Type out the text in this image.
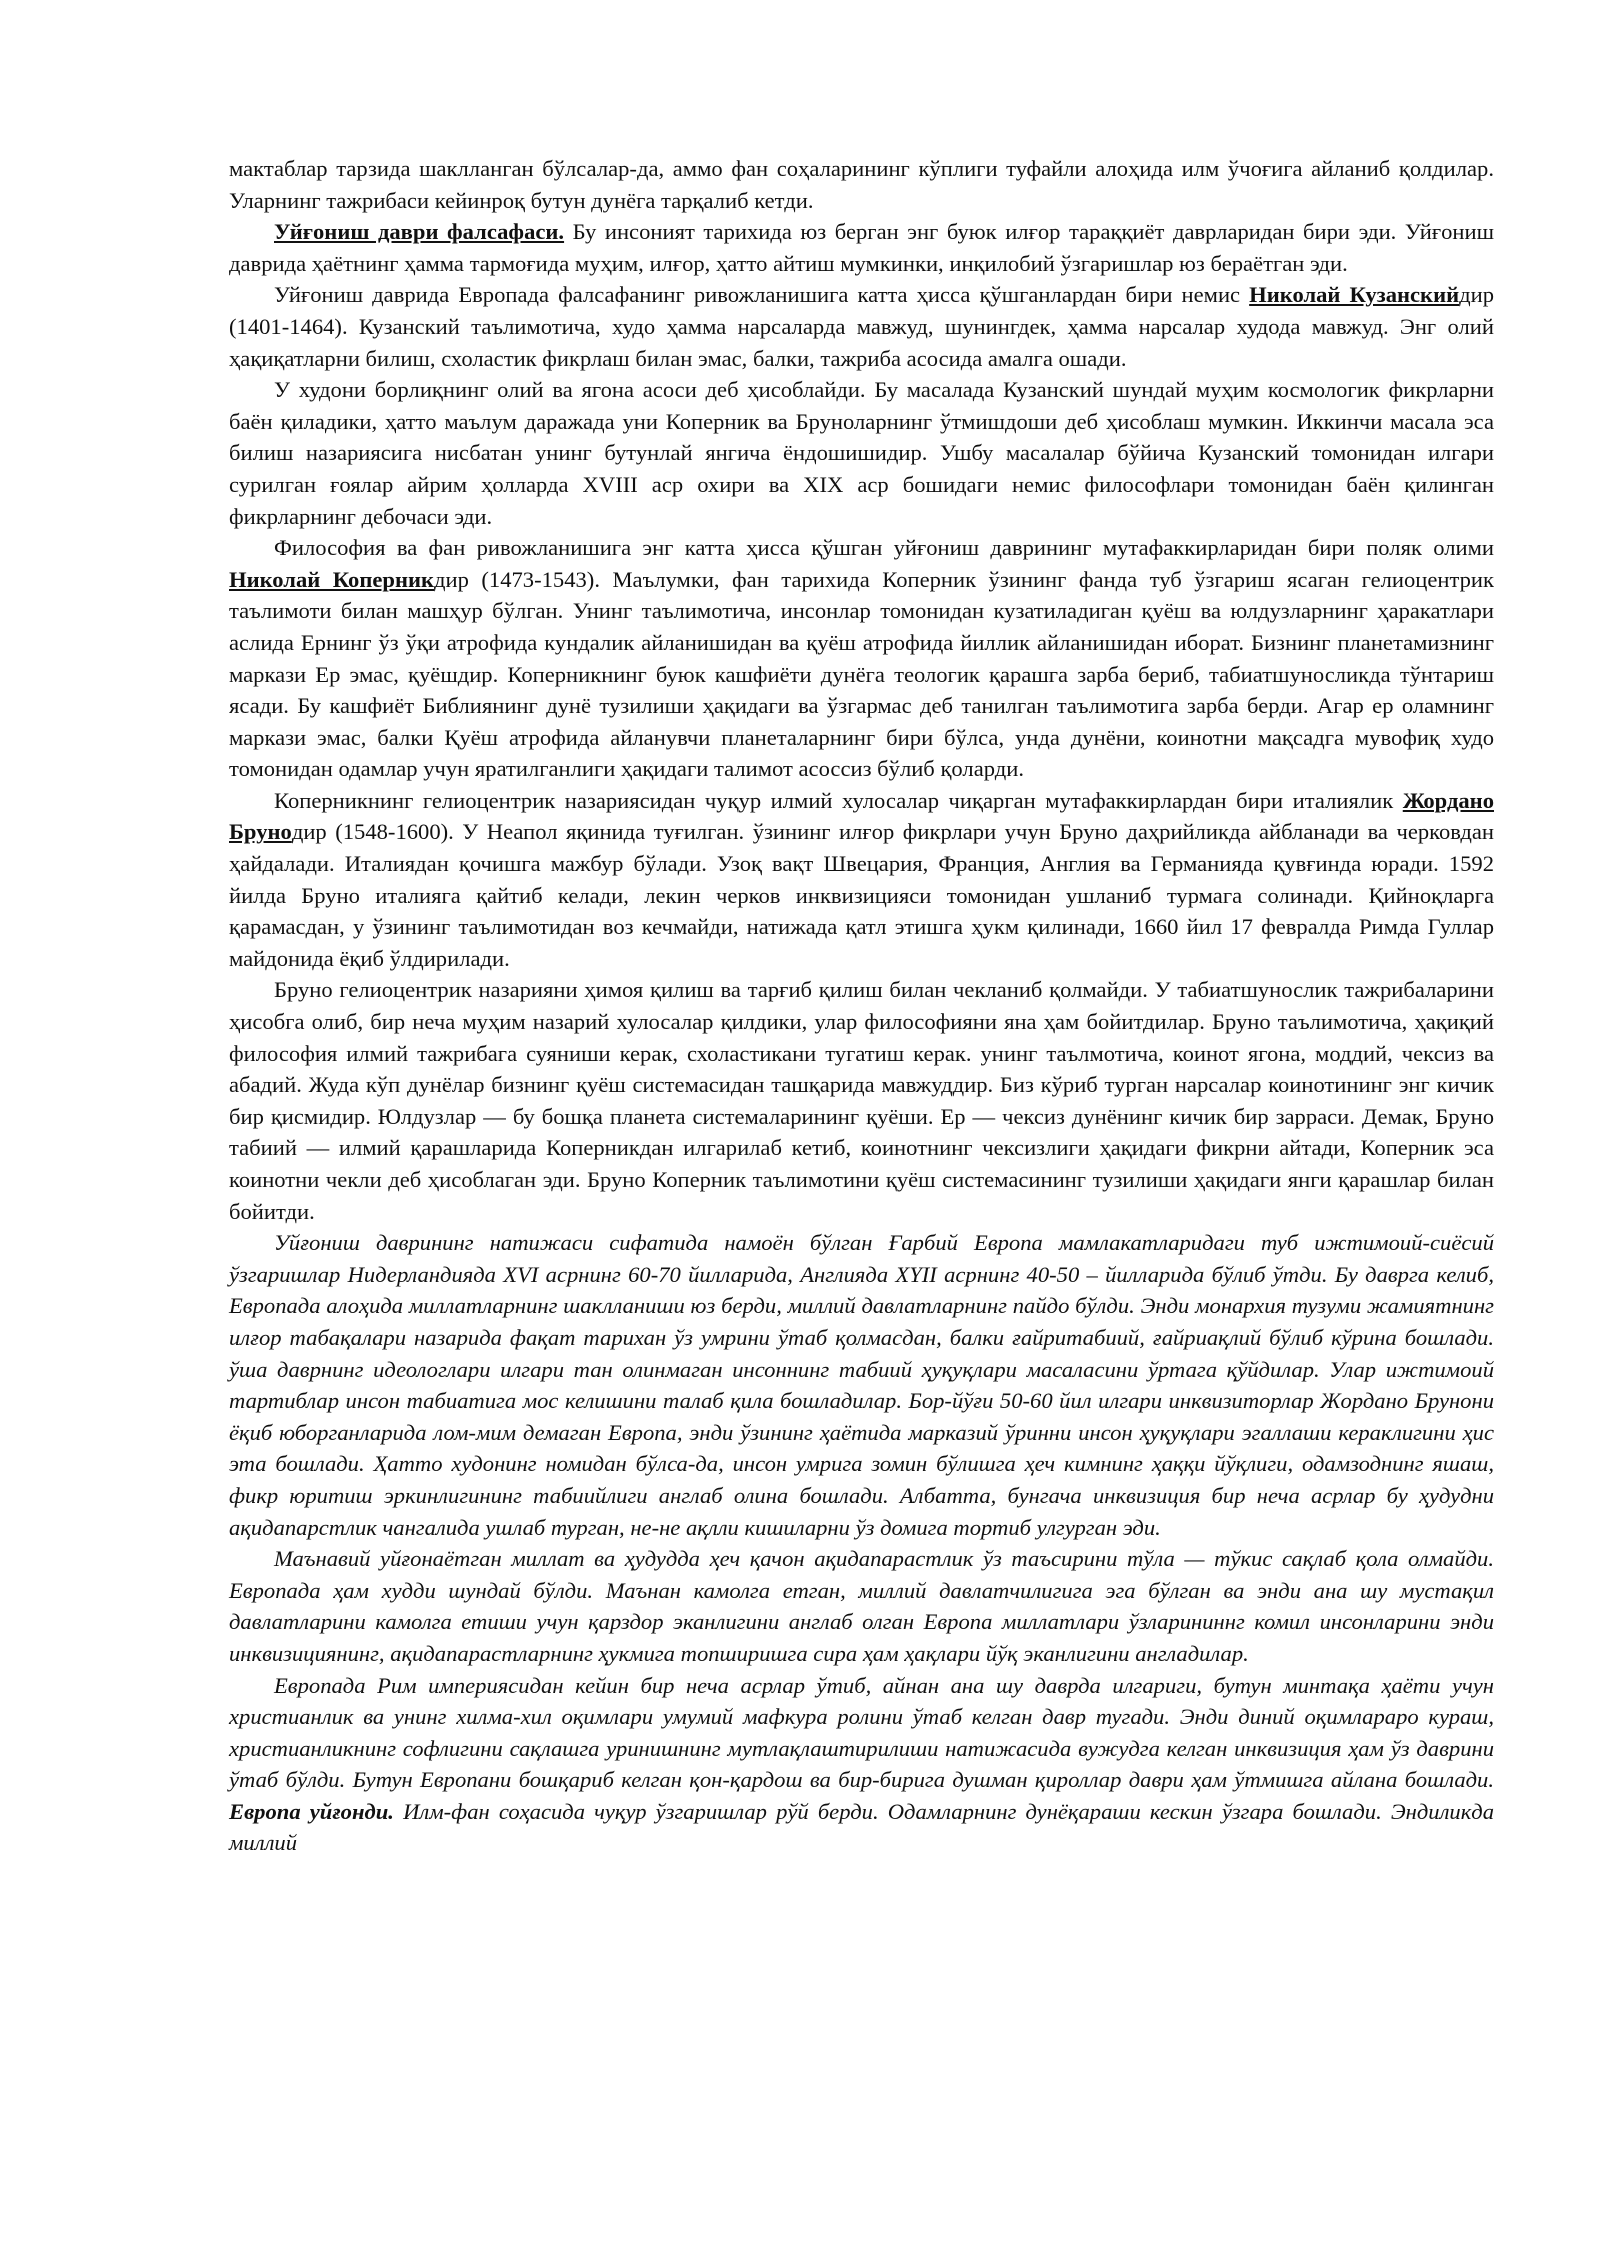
мактаблар тарзида шаклланган бўлсалар-да, аммо фан соҳаларининг кўплиги туфайли алоҳида илм ўчоғига айланиб қолдилар. Уларнинг тажрибаси кейинроқ бутун дунёга тарқалиб кетди.

Уйғониш даври фалсафаси. Бу инсоният тарихида юз берган энг буюк илғор тараққиёт даврларидан бири эди. Уйғониш даврида ҳаётнинг ҳамма тармоғида муҳим, илғор, ҳатто айтиш мумкинки, инқилобий ўзгаришлар юз бераётган эди.

Уйғониш даврида Европада фалсафанинг ривожланишига катта ҳисса қўшганлардан бири немис Николай Кузанскийдир (1401-1464). Кузанский таълимотича, худо ҳамма нарсаларда мавжуд, шунингдек, ҳамма нарсалар худода мавжуд. Энг олий ҳақиқатларни билиш, схоластик фикрлаш билан эмас, балки, тажриба асосида амалга ошади.

У худони борлиқнинг олий ва ягона асоси деб ҳисоблайди. Бу масалада Кузанский шундай муҳим космологик фикрларни баён қиладики, ҳатто маълум даражада уни Коперник ва Бруноларнинг ўтмишдоши деб ҳисоблаш мумкин. Иккинчи масала эса билиш назариясига нисбатан унинг бутунлай янгича ёндошишидир. Ушбу масалалар бўйича Кузанский томонидан илгари сурилган ғоялар айрим ҳолларда XVIII аср охири ва XIX аср бошидаги немис философлари томонидан баён қилинган фикрларнинг дебочаси эди.

Философия ва фан ривожланишига энг катта ҳисса қўшган уйғониш даврининг мутафаккирларидан бири поляк олими Николай Коперникдир (1473-1543). Маълумки, фан тарихида Коперник ўзининг фанда туб ўзгариш ясаган гелиоцентрик таълимоти билан машҳур бўлган. Унинг таълимотича, инсонлар томонидан кузатиладиган қуёш ва юлдузларнинг ҳаракатлари аслида Ернинг ўз ўқи атрофида кундалик айланишидан ва қуёш атрофида йиллик айланишидан иборат. Бизнинг планетамизнинг маркази Ер эмас, қуёшдир. Коперникнинг буюк кашфиёти дунёга теологик қарашга зарба бериб, табиатшуносликда тўнтариш ясади. Бу кашфиёт Библиянинг дунё тузилиши ҳақидаги ва ўзгармас деб танилган таълимотига зарба берди. Агар ер оламнинг маркази эмас, балки Қуёш атрофида айланувчи планеталарнинг бири бўлса, унда дунёни, коинотни мақсадга мувофиқ худо томонидан одамлар учун яратилганлиги ҳақидаги талимот асоссиз бўлиб қоларди.

Коперникнинг гелиоцентрик назариясидан чуқур илмий хулосалар чиқарган мутафаккирлардан бири италиялик Жордано Брунодир (1548-1600). У Неапол яқинида туғилган. ўзининг илғор фикрлари учун Бруно даҳрийликда айбланади ва черковдан ҳайдалади. Италиядан қочишга мажбур бўлади. Узоқ вақт Швецария, Франция, Англия ва Германияда қувғинда юради. 1592 йилда Бруно италияга қайтиб келади, лекин черков инквизицияси томонидан ушланиб турмага солинади. Қийноқларга қарамасдан, у ўзининг таълимотидан воз кечмайди, натижада қатл этишга ҳукм қилинади, 1660 йил 17 февралда Римда Гуллар майдонида ёқиб ўлдирилади.

Бруно гелиоцентрик назарияни ҳимоя қилиш ва тарғиб қилиш билан чекланиб қолмайди. У табиатшунослик тажрибаларини ҳисобга олиб, бир неча муҳим назарий хулосалар қилдики, улар философияни яна ҳам бойитдилар. Бруно таълимотича, ҳақиқий философия илмий тажрибага суяниши керак, схоластикани тугатиш керак. унинг таълмотича, коинот ягона, моддий, чексиз ва абадий. Жуда кўп дунёлар бизнинг қуёш системасидан ташқарида мавжуддир. Биз кўриб турган нарсалар коинотининг энг кичик бир қисмидир. Юлдузлар — бу бошқа планета системаларининг қуёши. Ер — чексиз дунёнинг кичик бир зарраси. Демак, Бруно табиий — илмий қарашларида Коперникдан илгарилаб кетиб, коинотнинг чексизлиги ҳақидаги фикрни айтади, Коперник эса коинотни чекли деб ҳисоблаган эди. Бруно Коперник таълимотини қуёш системасининг тузилиши ҳақидаги янги қарашлар билан бойитди.

Уйғониш даврининг натижаси сифатида намоён бўлган Ғарбий Европа мамлакатларидаги туб ижтимоий-сиёсий ўзгаришлар Нидерландияда XVI асрнинг 60-70 йилларида, Англияда XYII асрнинг 40-50 – йилларида бўлиб ўтди. Бу даврга келиб, Европада алоҳида миллатларнинг шаклланиши юз берди, миллий давлатларнинг пайдо бўлди. Энди монархия тузуми жамиятнинг илғор табақалари назарида фақат тарихан ўз умрини ўтаб қолмасдан, балки ғайритабиий, ғайриақлий бўлиб кўрина бошлади. ўша даврнинг идеологлари илгари тан олинмаган инсоннинг табиий ҳуқуқлари масаласини ўртага қўйдилар. Улар ижтимоий тартиблар инсон табиатига мос келишини талаб қила бошладилар. Бор-йўғи 50-60 йил илгари инквизиторлар Жордано Брунони ёқиб юборганларида лом-мим демаган Европа, энди ўзининг ҳаётида марказий ўринни инсон ҳуқуқлари эгаллаши кераклигини ҳис эта бошлади. Ҳатто худонинг номидан бўлса-да, инсон умрига зомин бўлишга ҳеч кимнинг ҳаққи йўқлиги, одамзоднинг яшаш, фикр юритиш эркинлигининг табиийлиги англаб олина бошлади. Албатта, бунгача инквизиция бир неча асрлар бу ҳудудни ақидапарстлик чангалида ушлаб турган, не-не ақлли кишиларни ўз домига тортиб улгурган эди.

Маънавий уйғонаётган миллат ва ҳудудда ҳеч қачон ақидапарастлик ўз таъсирини тўла — тўкис сақлаб қола олмайди. Европада ҳам худди шундай бўлди. Маънан камолга етган, миллий давлатчилигига эга бўлган ва энди ана шу мустақил давлатларини камолга етиши учун қарздор эканлигини англаб олган Европа миллатлари ўзларининнг комил инсонларини энди инквизициянинг, ақидапарастларнинг ҳукмига топширишга сира ҳам ҳақлари йўқ эканлигини англадилар.

Европада Рим империясидан кейин бир неча асрлар ўтиб, айнан ана шу даврда илгариги, бутун минтақа ҳаёти учун христианлик ва унинг хилма-хил оқимлари умумий мафкура ролини ўтаб келган давр тугади. Энди диний оқимлараро кураш, христианликнинг софлигини сақлашга уринишнинг мутлақлаштирилиши натижасида вужудга келган инквизиция ҳам ўз даврини ўтаб бўлди. Бутун Европани бошқариб келган қон-қардош ва бир-бирига душман қироллар даври ҳам ўтмишга айлана бошлади. Европа уйғонди. Илм-фан соҳасида чуқур ўзгаришлар рўй берди. Одамларнинг дунёқараши кескин ўзгара бошлади. Эндиликда миллий
